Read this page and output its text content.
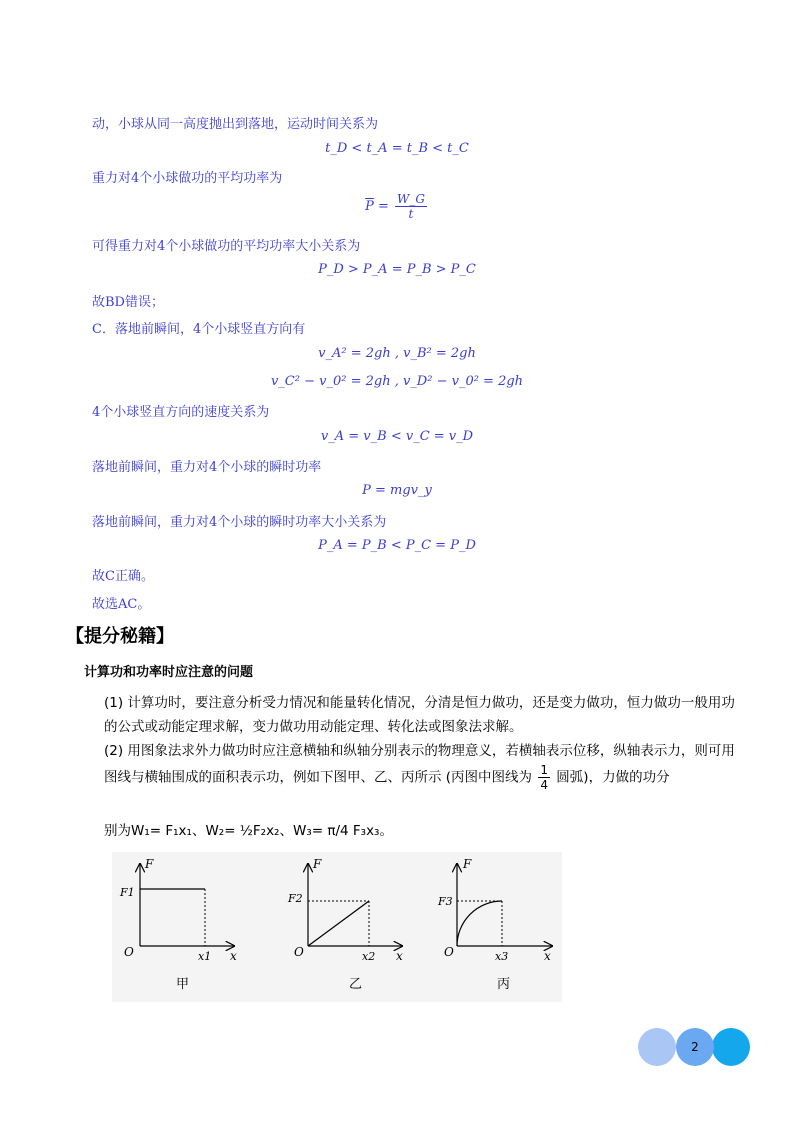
动，小球从同一高度抛出到落地，运动时间关系为
t_D < t_A = t_B < t_C
重力对4个小球做功的平均功率为
$\overline{P} = \frac{W\_G}{t}$
可得重力对4个小球做功的平均功率大小关系为
P_D > P_A = P_B > P_C
故BD错误；
C．落地前瞬间，4个小球竖直方向有
v_A² = 2gh , v_B² = 2gh
v_C² − v_0² = 2gh , v_D² − v_0² = 2gh
4个小球竖直方向的速度关系为
v_A = v_B < v_C = v_D
落地前瞬间，重力对4个小球的瞬时功率
P = mgv_y
落地前瞬间，重力对4个小球的瞬时功率大小关系为
P_A = P_B < P_C = P_D
故C正确。
故选AC。
【提分秘籍】
计算功和功率时应注意的问题
(1) 计算功时，要注意分析受力情况和能量转化情况，分清是恒力做功，还是变力做功，恒力做功一般用功的公式或动能定理求解，变力做功用动能定理、转化法或图象法求解。
(2) 用图象法求外力做功时应注意横轴和纵轴分别表示的物理意义，若横轴表示位移，纵轴表示力，则可用图线与横轴围成的面积表示功，例如下图甲、乙、丙所示 (丙图中图线为 $\frac{1}{4}$ 圆弧)，力做的功分
别为W₁= F₁x₁、W₂= ½F₂x₂、W₃= π/4 F₃x₃。
O
F
x
F1
x1
甲
O
F
x
F2
x2
乙
O
F
x
F3
x3
丙
2
